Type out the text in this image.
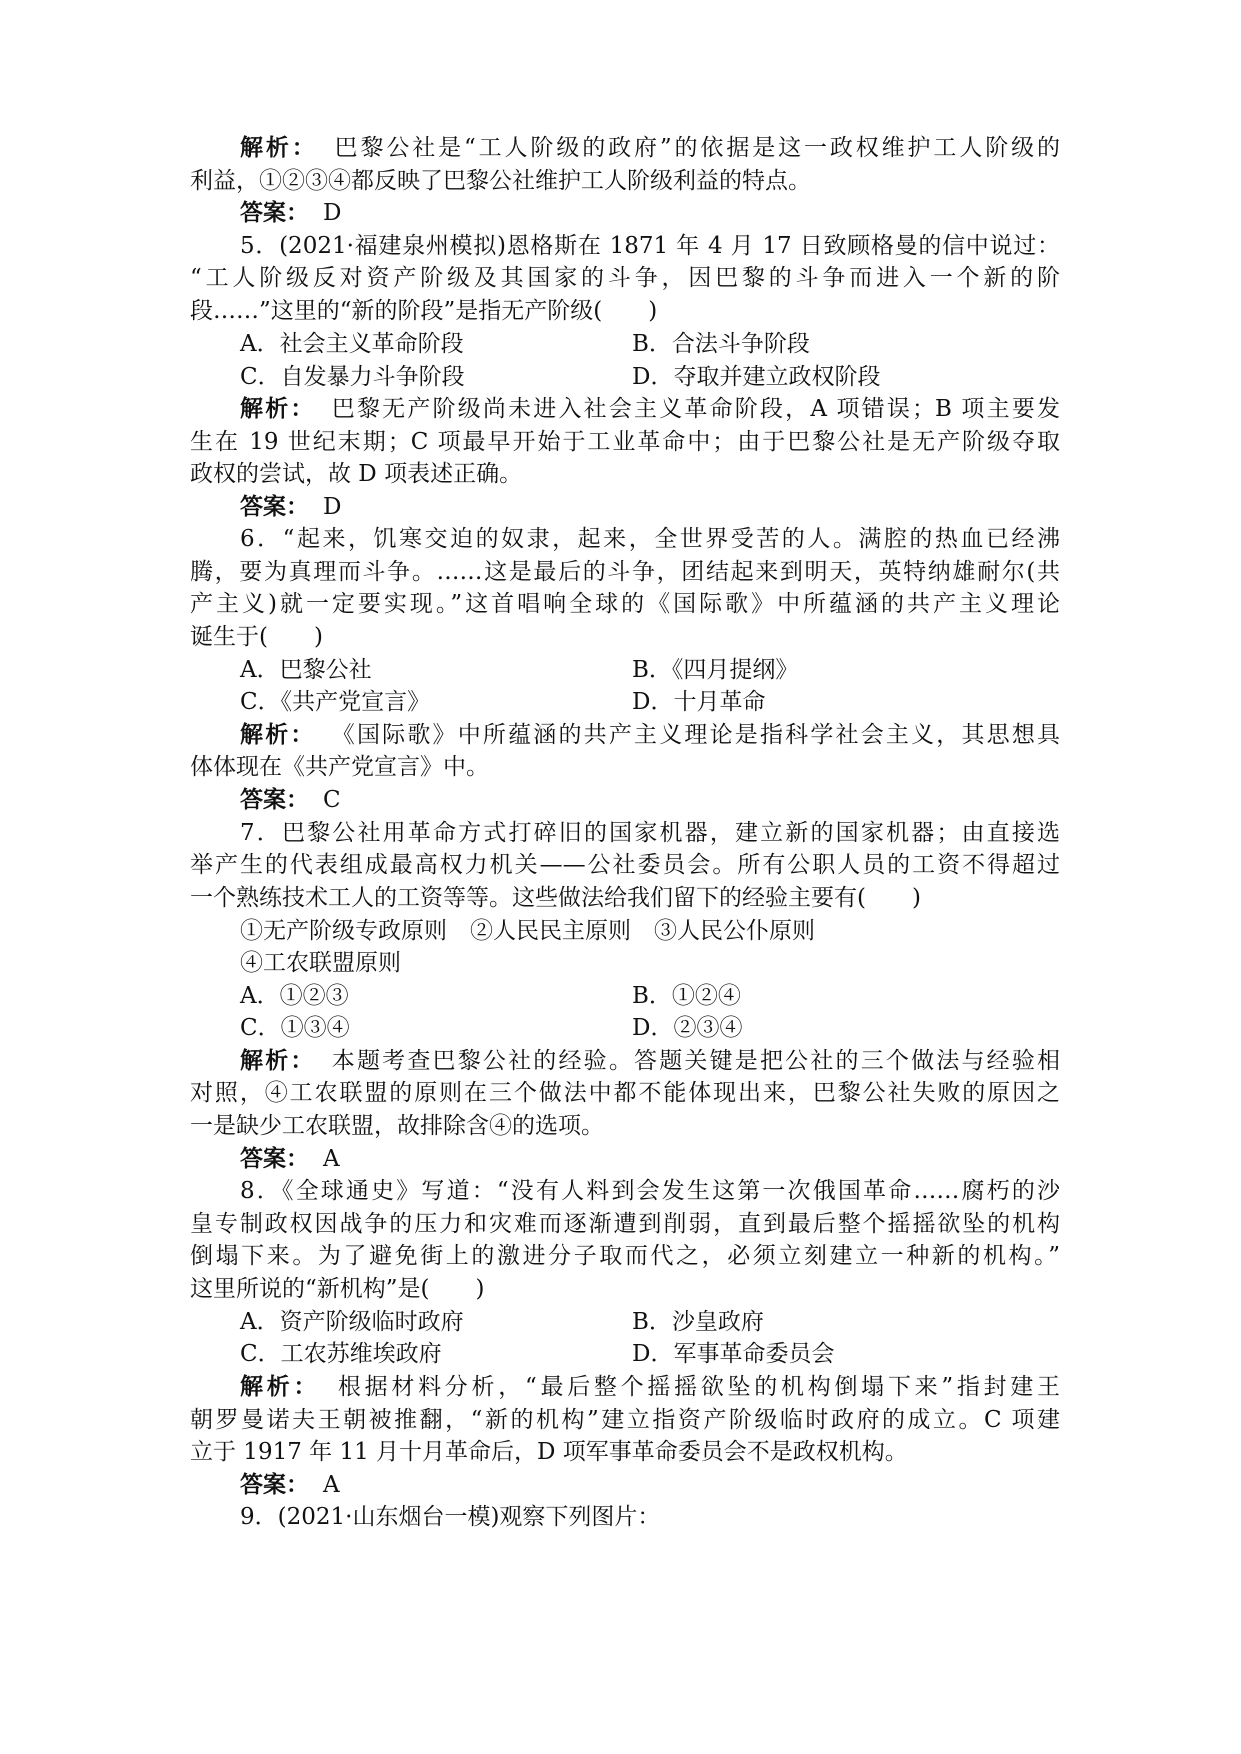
解析： 巴黎公社是“工人阶级的政府”的依据是这一政权维护工人阶级的
利益，①②③④都反映了巴黎公社维护工人阶级利益的特点。
答案： D
5．(2021·福建泉州模拟)恩格斯在 1871 年 4 月 17 日致顾格曼的信中说过：
“工人阶级反对资产阶级及其国家的斗争，因巴黎的斗争而进入一个新的阶
段……”这里的“新的阶段”是指无产阶级(　　)
A．社会主义革命阶段	B．合法斗争阶段
C．自发暴力斗争阶段	D．夺取并建立政权阶段
解析： 巴黎无产阶级尚未进入社会主义革命阶段，A 项错误；B 项主要发
生在 19 世纪末期；C 项最早开始于工业革命中；由于巴黎公社是无产阶级夺取
政权的尝试，故 D 项表述正确。
答案： D
6．“起来，饥寒交迫的奴隶，起来，全世界受苦的人。满腔的热血已经沸
腾，要为真理而斗争。……这是最后的斗争，团结起来到明天，英特纳雄耐尔(共
产主义)就一定要实现。”这首唱响全球的《国际歌》中所蕴涵的共产主义理论
诞生于(　　)
A．巴黎公社	B．《四月提纲》
C．《共产党宣言》	D．十月革命
解析： 《国际歌》中所蕴涵的共产主义理论是指科学社会主义，其思想具
体体现在《共产党宣言》中。
答案： C
7．巴黎公社用革命方式打碎旧的国家机器，建立新的国家机器；由直接选
举产生的代表组成最高权力机关——公社委员会。所有公职人员的工资不得超过
一个熟练技术工人的工资等等。这些做法给我们留下的经验主要有(　　)
①无产阶级专政原则　②人民民主原则　③人民公仆原则
④工农联盟原则
A．①②③	B．①②④
C．①③④	D．②③④
解析： 本题考查巴黎公社的经验。答题关键是把公社的三个做法与经验相
对照，④工农联盟的原则在三个做法中都不能体现出来，巴黎公社失败的原因之
一是缺少工农联盟，故排除含④的选项。
答案： A
8．《全球通史》写道：“没有人料到会发生这第一次俄国革命……腐朽的沙
皇专制政权因战争的压力和灾难而逐渐遭到削弱，直到最后整个摇摇欲坠的机构
倒塌下来。为了避免街上的激进分子取而代之，必须立刻建立一种新的机构。”
这里所说的“新机构”是(　　)
A．资产阶级临时政府	B．沙皇政府
C．工农苏维埃政府	D．军事革命委员会
解析： 根据材料分析，“最后整个摇摇欲坠的机构倒塌下来”指封建王
朝罗曼诺夫王朝被推翻，“新的机构”建立指资产阶级临时政府的成立。C 项建
立于 1917 年 11 月十月革命后，D 项军事革命委员会不是政权机构。
答案： A
9．(2021·山东烟台一模)观察下列图片：
